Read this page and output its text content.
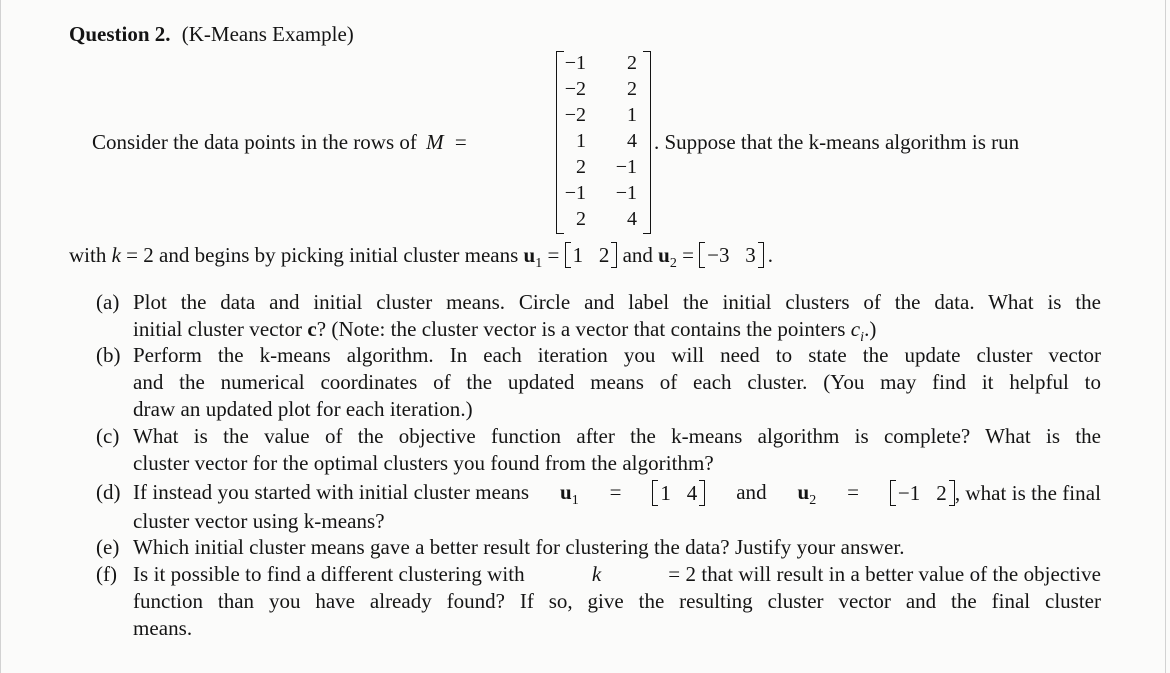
Question 2. (K-Means Example)
Consider the data points in the rows of M =
−1	2
−2	2
−2	1
1	4
2	−1
−1	−1
2	4
. Suppose that the k-means algorithm is run
with k = 2 and begins by picking initial cluster means $u_1 = 1$   2 and $u_2 = -3$   3 .
(a) Plot the data and initial cluster means. Circle and label the initial clusters of the data. What is the
initial cluster vector c? (Note: the cluster vector is a vector that contains the pointers $c_i$.)
(b) Perform the k-means algorithm. In each iteration you will need to state the update cluster vector
and the numerical coordinates of the updated means of each cluster. (You may find it helpful to
draw an updated plot for each iteration.)
(c) What is the value of the objective function after the k-means algorithm is complete? What is the
cluster vector for the optimal clusters you found from the algorithm?
(d) If instead you started with initial cluster means $u_1$ =	1   4	and $u_2$ =	−1   2 , what is the final
cluster vector using k-means?
(e) Which initial cluster means gave a better result for clustering the data? Justify your answer.
(f) Is it possible to find a different clustering with	k	= 2 that will result in a better value of the objective
function than you have already found? If so, give the resulting cluster vector and the final cluster
means.
